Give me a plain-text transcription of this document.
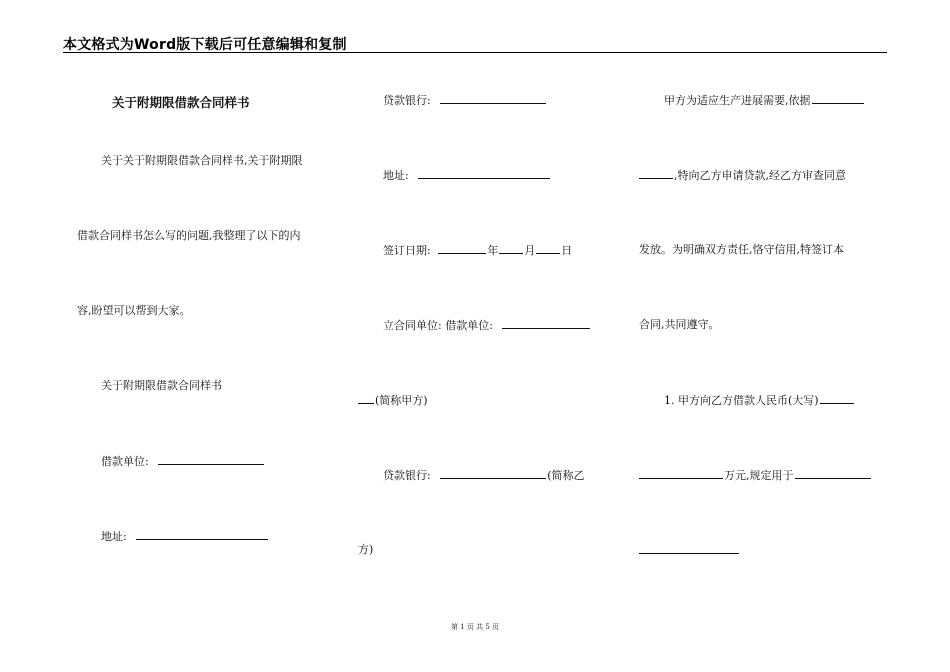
本文格式为Word版下载后可任意编辑和复制
关于附期限借款合同样书
关于关于附期限借款合同样书,关于附期限
借款合同样书怎么写的问题,我整理了以下的内
容,盼望可以帮到大家。
关于附期限借款合同样书
借款单位:
地址:
贷款银行:
地址:
签订日期:	年 月 日
立合同单位: 借款单位:
(简称甲方)
贷款银行:	(简称乙
方)
甲方为适应生产进展需要,依据
,特向乙方申请贷款,经乙方审查同意
发放。为明确双方责任,恪守信用,特签订本
合同,共同遵守。
1. 甲方向乙方借款人民币(大写)
万元,规定用于
第 1 页 共 5 页
